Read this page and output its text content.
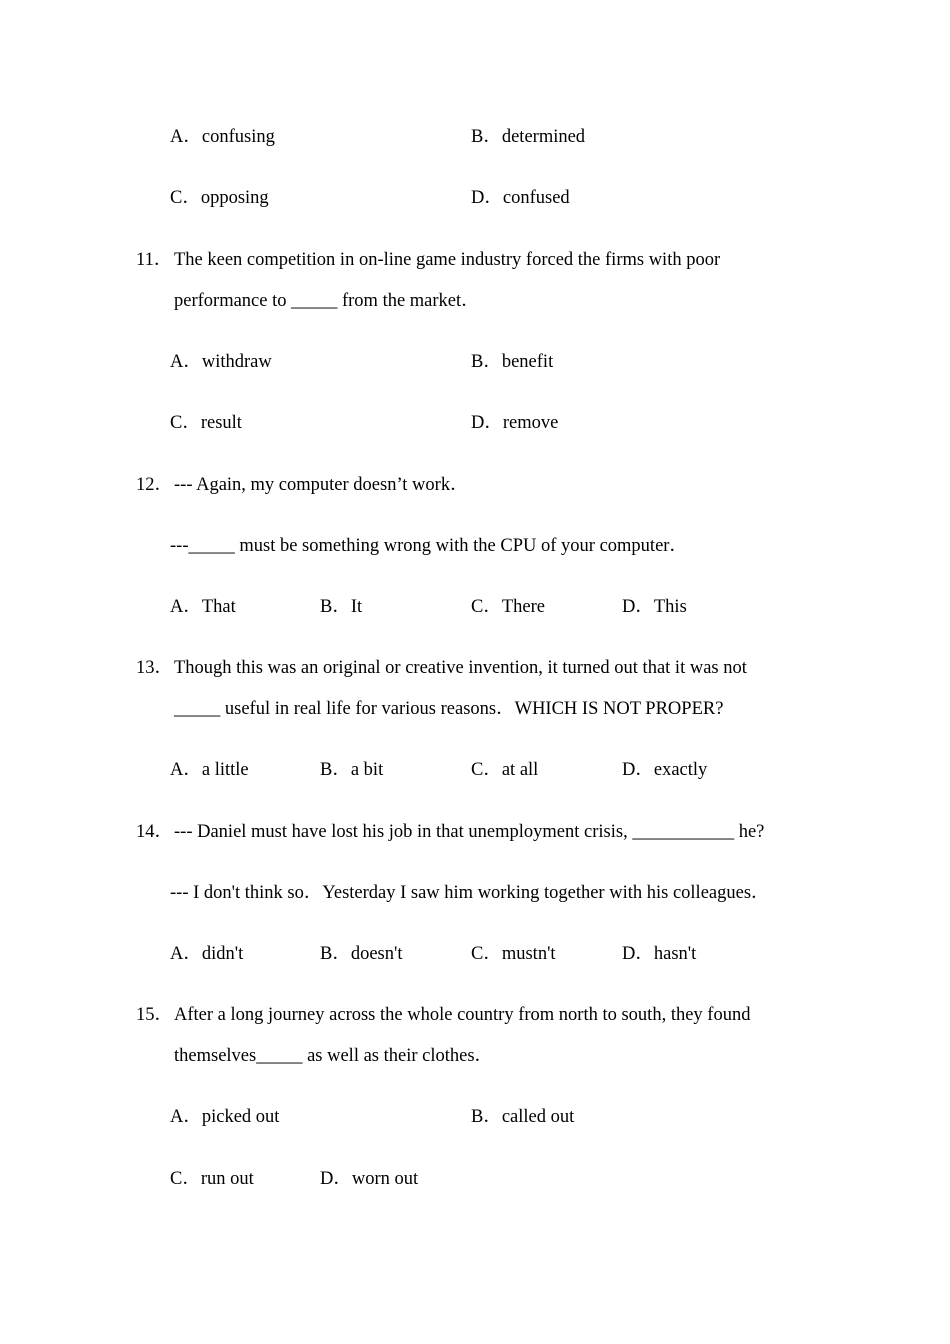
A．confusing	B．determined
C．opposing	D．confused
11． The keen competition in on-line game industry forced the firms with poor
performance to _____ from the market．
A．withdraw	B．benefit
C．result	D．remove
12． --- Again, my computer doesn’t work．
---_____ must be something wrong with the CPU of your computer．
A．That	B．It	C．There	D．This
13． Though this was an original or creative invention, it turned out that it was not
_____ useful in real life for various reasons．WHICH IS NOT PROPER?
A．a little	B．a bit	C．at all	D．exactly
14． --- Daniel must have lost his job in that unemployment crisis, ___________ he?
--- I don't think so．Yesterday I saw him working together with his colleagues．
A．didn't	B．doesn't	C．mustn't	D．hasn't
15． After a long journey across the whole country from north to south, they found
themselves_____ as well as their clothes．
A．picked out	B．called out
C．run out	D．worn out
